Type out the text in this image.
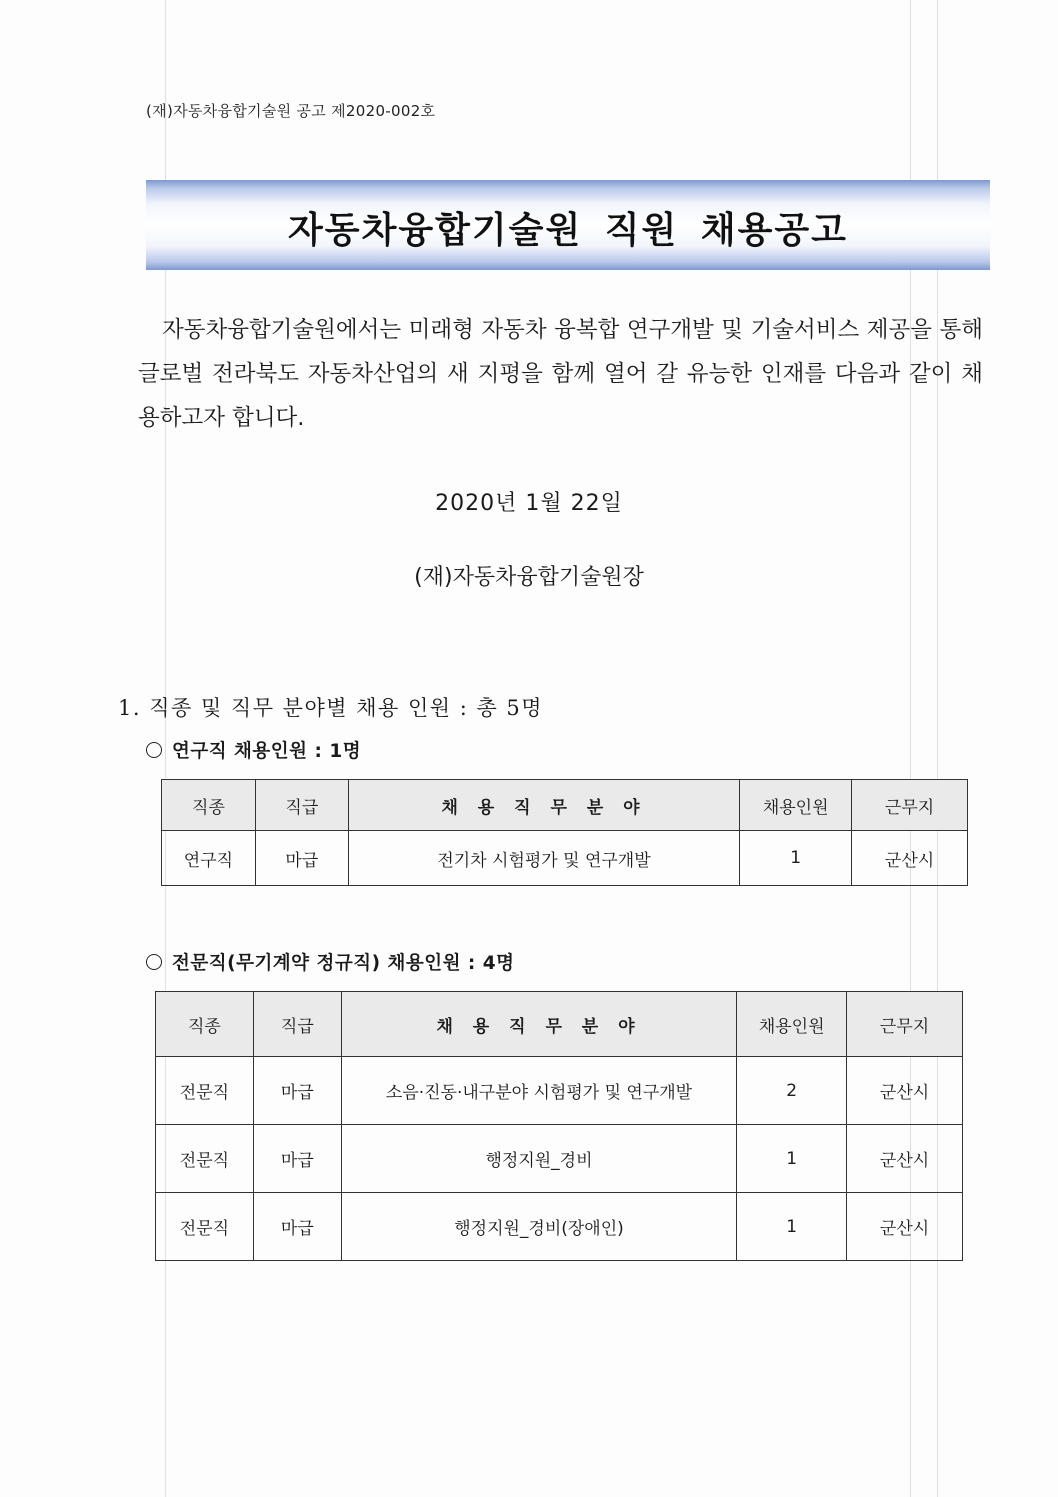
(재)자동차융합기술원 공고 제2020-002호
자동차융합기술원 직원 채용공고
자동차융합기술원에서는 미래형 자동차 융복합 연구개발 및 기술서비스 제공을 통해 글로벌 전라북도 자동차산업의 새 지평을 함께 열어 갈 유능한 인재를 다음과 같이 채용하고자 합니다.
2020년 1월 22일
(재)자동차융합기술원장
1. 직종 및 직무 분야별 채용 인원 : 총 5명
연구직 채용인원 : 1명
직종	직급	채 용 직 무 분 야	채용인원	근무지
연구직	마급	전기차 시험평가 및 연구개발	1	군산시
전문직(무기계약 정규직) 채용인원 : 4명
직종	직급	채 용 직 무 분 야	채용인원	근무지
전문직	마급	소음·진동·내구분야 시험평가 및 연구개발	2	군산시
전문직	마급	행정지원_경비	1	군산시
전문직	마급	행정지원_경비(장애인)	1	군산시
